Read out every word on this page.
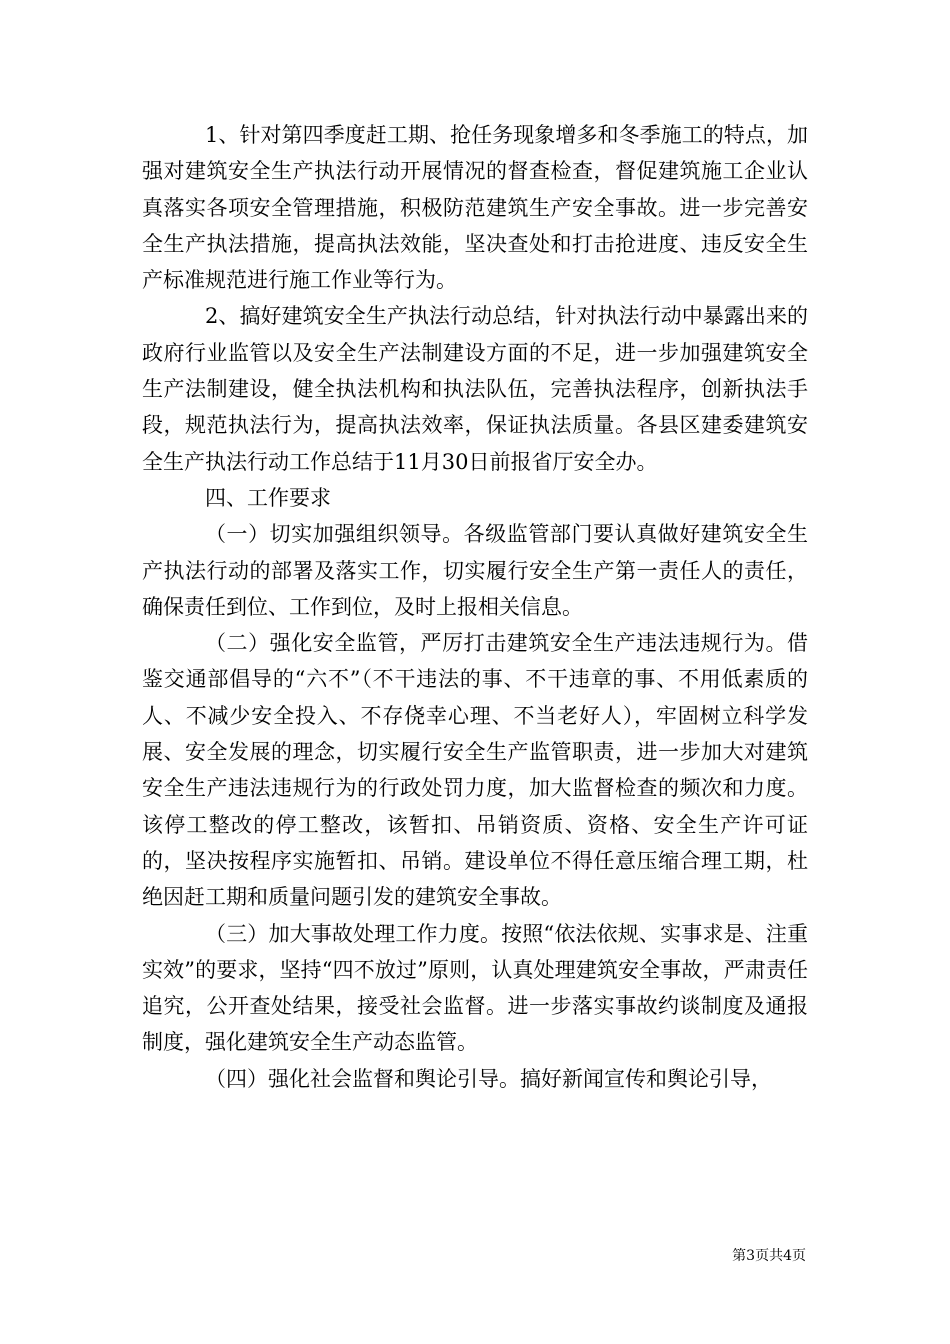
1、针对第四季度赶工期、抢任务现象增多和冬季施工的特点，加强对建筑安全生产执法行动开展情况的督查检查，督促建筑施工企业认真落实各项安全管理措施，积极防范建筑生产安全事故。进一步完善安全生产执法措施，提高执法效能，坚决查处和打击抢进度、违反安全生产标准规范进行施工作业等行为。

2、搞好建筑安全生产执法行动总结，针对执法行动中暴露出来的政府行业监管以及安全生产法制建设方面的不足，进一步加强建筑安全生产法制建设，健全执法机构和执法队伍，完善执法程序，创新执法手段，规范执法行为，提高执法效率，保证执法质量。各县区建委建筑安全生产执法行动工作总结于11月30日前报省厅安全办。

四、工作要求

（一）切实加强组织领导。各级监管部门要认真做好建筑安全生产执法行动的部署及落实工作，切实履行安全生产第一责任人的责任，确保责任到位、工作到位，及时上报相关信息。

（二）强化安全监管，严厉打击建筑安全生产违法违规行为。借鉴交通部倡导的“六不”（不干违法的事、不干违章的事、不用低素质的人、不减少安全投入、不存侥幸心理、不当老好人），牢固树立科学发展、安全发展的理念，切实履行安全生产监管职责，进一步加大对建筑安全生产违法违规行为的行政处罚力度，加大监督检查的频次和力度。该停工整改的停工整改，该暂扣、吊销资质、资格、安全生产许可证的，坚决按程序实施暂扣、吊销。建设单位不得任意压缩合理工期，杜绝因赶工期和质量问题引发的建筑安全事故。

（三）加大事故处理工作力度。按照“依法依规、实事求是、注重实效”的要求，坚持“四不放过”原则，认真处理建筑安全事故，严肃责任追究，公开查处结果，接受社会监督。进一步落实事故约谈制度及通报制度，强化建筑安全生产动态监管。

（四）强化社会监督和舆论引导。搞好新闻宣传和舆论引导，

第3页共4页
